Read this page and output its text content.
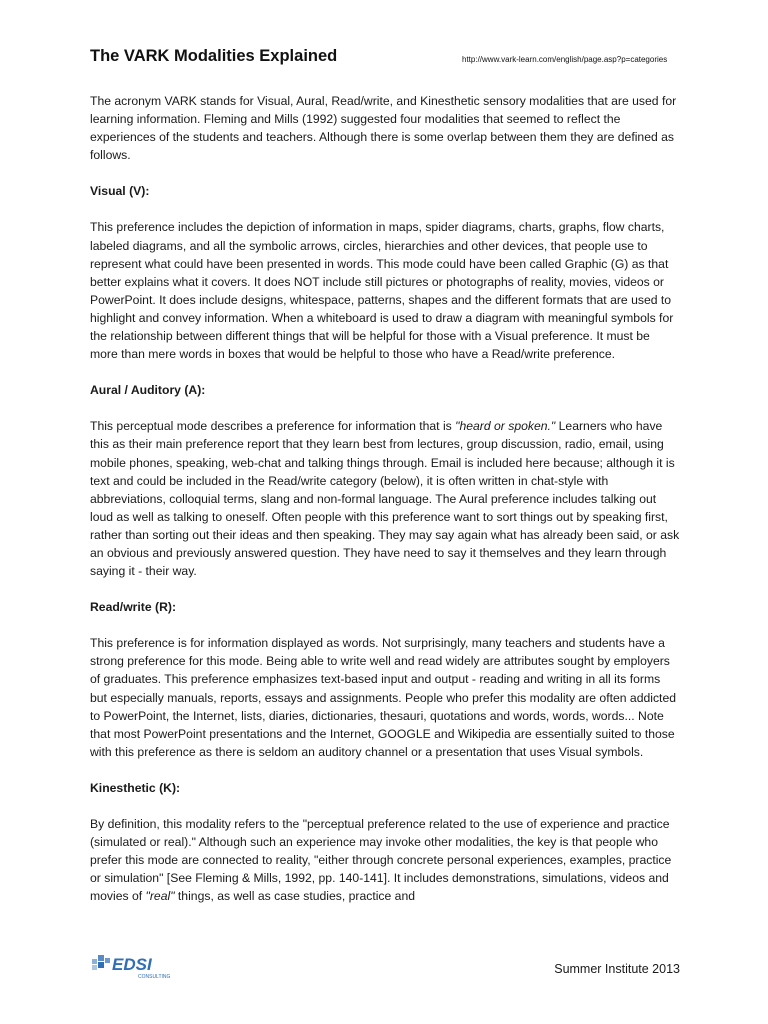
The VARK Modalities Explained	http://www.vark-learn.com/english/page.asp?p=categories

The acronym VARK stands for Visual, Aural, Read/write, and Kinesthetic sensory modalities that are used for learning information. Fleming and Mills (1992) suggested four modalities that seemed to reflect the experiences of the students and teachers. Although there is some overlap between them they are defined as follows.

Visual (V):

This preference includes the depiction of information in maps, spider diagrams, charts, graphs, flow charts, labeled diagrams, and all the symbolic arrows, circles, hierarchies and other devices, that people use to represent what could have been presented in words. This mode could have been called Graphic (G) as that better explains what it covers. It does NOT include still pictures or photographs of reality, movies, videos or PowerPoint. It does include designs, whitespace, patterns, shapes and the different formats that are used to highlight and convey information. When a whiteboard is used to draw a diagram with meaningful symbols for the relationship between different things that will be helpful for those with a Visual preference. It must be more than mere words in boxes that would be helpful to those who have a Read/write preference.

Aural / Auditory (A):

This perceptual mode describes a preference for information that is "heard or spoken." Learners who have this as their main preference report that they learn best from lectures, group discussion, radio, email, using mobile phones, speaking, web-chat and talking things through. Email is included here because; although it is text and could be included in the Read/write category (below), it is often written in chat-style with abbreviations, colloquial terms, slang and non-formal language. The Aural preference includes talking out loud as well as talking to oneself. Often people with this preference want to sort things out by speaking first, rather than sorting out their ideas and then speaking. They may say again what has already been said, or ask an obvious and previously answered question. They have need to say it themselves and they learn through saying it - their way.

Read/write (R):

This preference is for information displayed as words. Not surprisingly, many teachers and students have a strong preference for this mode. Being able to write well and read widely are attributes sought by employers of graduates. This preference emphasizes text-based input and output - reading and writing in all its forms but especially manuals, reports, essays and assignments. People who prefer this modality are often addicted to PowerPoint, the Internet, lists, diaries, dictionaries, thesauri, quotations and words, words, words... Note that most PowerPoint presentations and the Internet, GOOGLE and Wikipedia are essentially suited to those with this preference as there is seldom an auditory channel or a presentation that uses Visual symbols.

Kinesthetic (K):

By definition, this modality refers to the "perceptual preference related to the use of experience and practice (simulated or real)." Although such an experience may invoke other modalities, the key is that people who prefer this mode are connected to reality, "either through concrete personal experiences, examples, practice or simulation" [See Fleming & Mills, 1992, pp. 140-141]. It includes demonstrations, simulations, videos and movies of "real" things, as well as case studies, practice and

EDSI
CONSULTING
Summer Institute 2013
